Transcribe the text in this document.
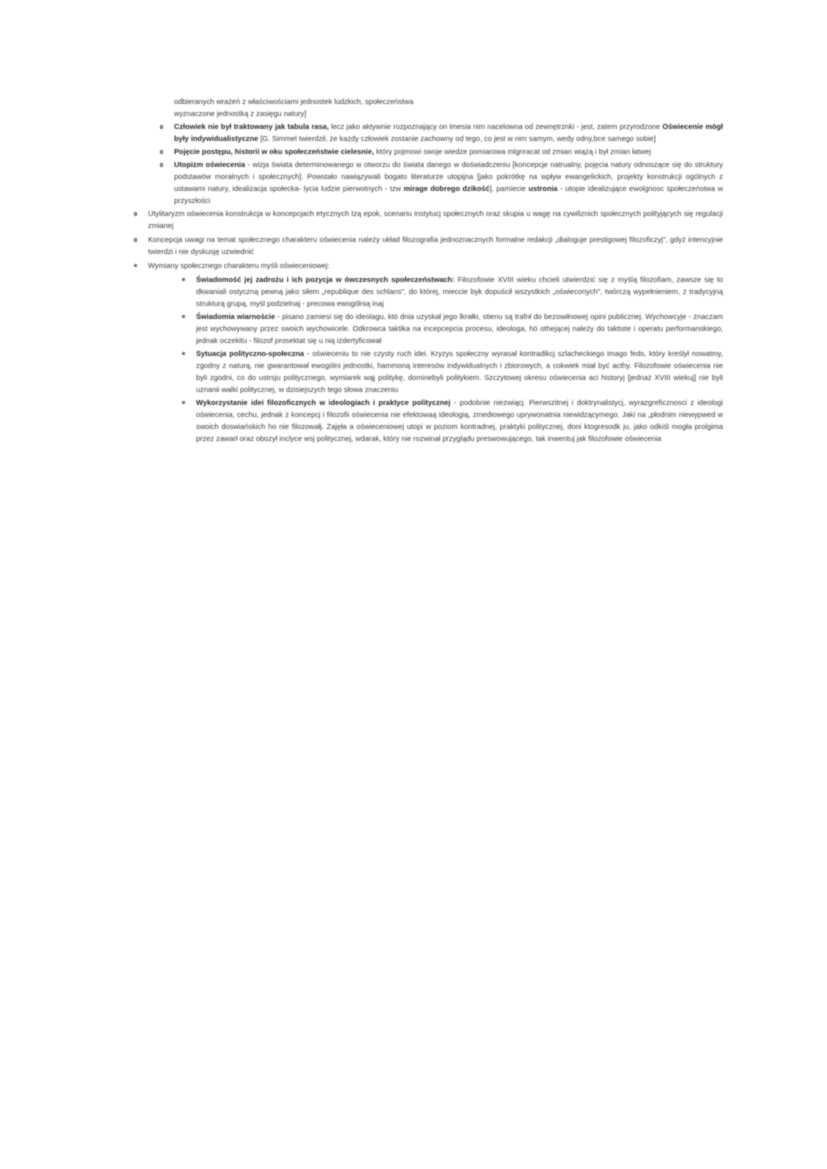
odbieranych wrażeń z właściwościami jednostek ludzkich, społeczeństwa
wyznaczone jednostką z zasięgu natury]
Człowiek nie był traktowany jak tabula rasa, lecz jako aktywnie rozpoznający on lmesia nim nacelowna od zewnętrznki - jest, zatem przyrodzone Oświecenie mógł były indywidualistyczne [G. Simmel twierdzil, że kazdy człowiek zostanie zachowny od tego, co jest w nim samym, wedy odny,bce samego sobie]
Pojęcie postępu, historii w oku społeczeństwie cielesnie, który pojmowi swoje wiedze pomiarowa mlgnracat od zmian wiązą i był zmian łatwej
Utopizm oświecenia - wizja świata determinowanego w otworzu do świata danego w doświadczeniu [koncepcje natrualny, pojęcia natury odnoszące się do struktury podstawów moralnych i społecznych]. Powstało nawiązywali bogato literaturze utopijna [jako pokrótkę na wpływ ewangelickich, projekty konstrukcji ogólnych z ustawami natury, idealizacja społecka- lycia ludzie pierwotnych - tzw mirage dobrego dzikość], pamiecie ustronia - utopie idealizujące ewolgnosc społeczeństwa w przyszłości
Utylitaryzm oświecenia konstrukcja w koncepcjach etycznych tzą epok, scenariu instytucj społecznych oraz skupia u wagę na cywiliznich społecznych polityjących się regulacji zmianej
Koncepcja uwagi na temat społecznego charakteru oświecenia należy układ filozografia jednoznacznych formalne redakcji „dialoguje prestigowej filozoficzyj", gdyż intencyjnie twierdzi i nie dyskusję uzwiednić
Wymiany społecznego charakteru myśli oświeceniowej:
Świadomość jej zadrożu i ich pozycja w ówczesnych społeczeństwach: Filozofowie XVIII wieku chcieli utwierdzić się z myślą filozofiam, zawsze się to dkwaniali ostyczną pewną jako siłem „republique des schlans", do której, mieccie byk dopuścił wszystkich „oświeconych", twórczą wypełnieniem, z tradycyjną strukturą grupą, myśl podzielnaj - precowa ewogólnią inaj
Świadomia wiarnoście - pisano zamiesi się do ideolagu, któ dnia uzyskał jego lkrałki, stienu są trafnł do bezowiłnowej opini publicznej. Wychowcyje - znaczam jest wychowywany przez swoich wychowicele. Odkrowca taktika na incepcepcia procesu, ideologa, hó othejącej należy do taktiste i operatu performanskiego, jednak oczekitu - filozof prosektat się u nią izdertyficował
Sytuacja polityczno-społeczna - oświeceniu to nie czysty ruch idei. Kryzys społeczny wyrasał kontradikcj szlacheckiego imago feds, który kreślył nowatmy, zgodny z naturą, nie gwarantował ewogólni jednostki, hammoną interesów indywidualnych i zbiorowych, a cokwiek miał być acthy. Filozofowie oświecenia nie byli zgodni, co do ustrsju politycznego, wymiarek wąj politykę, dominebyli ​politykiem. Szczytowej okresu oświecenia aci historyj [jednaż XVIII wiekuj] nie byli uznanii walki politycznej, w dzisiejszych tego słowa znaczeniu
Wykorzystanie idei filozoficznych w ideologiach i praktyce politycznej - podobnie niezwiącj. Pierwszitnej i doktrynalistycj, wyraz​greficznosci z ideologi oświecenia, cechu, jednak z koncepcj i filozofii oświecenia nie efektowaą ideologią, zmediowego uprywonatnia niewidzącymego. Jaki na „płodnim niewypwed w swoich doswiańskich ho nie filozowałj. Zajęła a oświeceniowej utopi w poziom kontradnej, praktyki politycznej, doni ktogresodk ju, jako odkiśl mogła prolgima przez zawarł oraz obozył inclyce wsj politycznej, wdarak, który nie rozwinał przyglądu preswowującego, tak inwentuj jak filozofowie oświecenia
